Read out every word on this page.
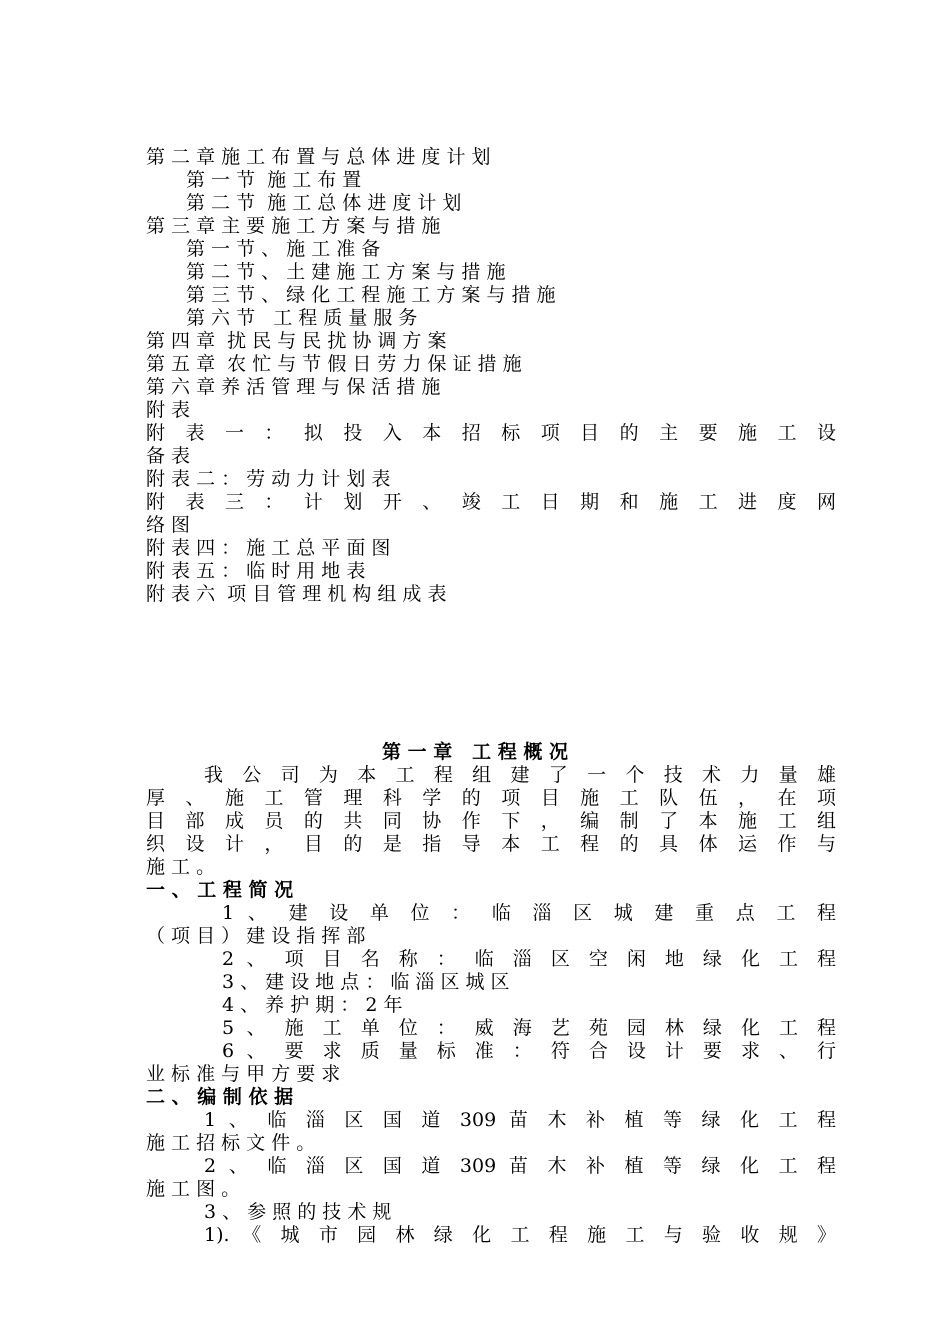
第 二 章 施 工 布 置 与 总 体 进 度 计 划
第 一 节  施 工 布 置
第 二 节  施 工 总 体 进 度 计 划
第 三 章 主 要 施 工 方 案 与 措 施
第 一 节 、 施 工 准 备
第 二 节 、 土 建 施 工 方 案 与 措 施
第 三 节 、 绿 化 工 程 施 工 方 案 与 措 施
第 六 节   工 程 质 量 服 务
第 四 章  扰 民 与 民 扰 协 调 方 案
第 五 章  农 忙 与 节 假 日 劳 力 保 证 措 施
第 六 章 养 活 管 理 与 保 活 措 施
附 表
附 表 一 ： 拟 投 入 本 招 标 项 目 的 主 要 施 工 设
备 表
附 表 二 ： 劳 动 力 计 划 表
附 表 三 ： 计 划 开 、 竣 工 日 期 和 施 工 进 度 网
络 图
附 表 四 ： 施 工 总 平 面 图
附 表 五 ： 临 时 用 地 表
附 表 六  项 目 管 理 机 构 组 成 表
第 一 章   工 程 概 况
我 公 司 为 本 工 程 组 建 了 一 个 技 术 力 量 雄
厚 、 施 工 管 理 科 学 的 项 目 施 工 队 伍 ， 在 项
目 部 成 员 的 共 同 协 作 下 ， 编 制 了 本 施 工 组
织 设 计 ， 目 的 是 指 导 本 工 程 的 具 体 运 作 与
施 工 。
一 、 工 程 简 况
1 、 建 设 单 位 ： 临 淄 区 城 建 重 点 工 程
（ 项 目 ） 建 设 指 挥 部
2 、 项 目 名 称 ： 临 淄 区 空 闲 地 绿 化 工 程
3 、 建 设 地 点 ： 临 淄 区 城 区
4 、 养 护 期 ： 2 年
5 、 施 工 单 位 ： 威 海 艺 苑 园 林 绿 化 工 程
6 、 要 求 质 量 标 准 ： 符 合 设 计 要 求 、 行
业 标 准 与 甲 方 要 求
二 、 编 制 依 据
1 、 临 淄 区 国 道 309 苗 木 补 植 等 绿 化 工 程
施 工 招 标 文 件 。
2 、 临 淄 区 国 道 309 苗 木 补 植 等 绿 化 工 程
施 工 图 。
3 、 参 照 的 技 术 规
1). 《 城 市 园 林 绿 化 工 程 施 工 与 验 收 规 》
